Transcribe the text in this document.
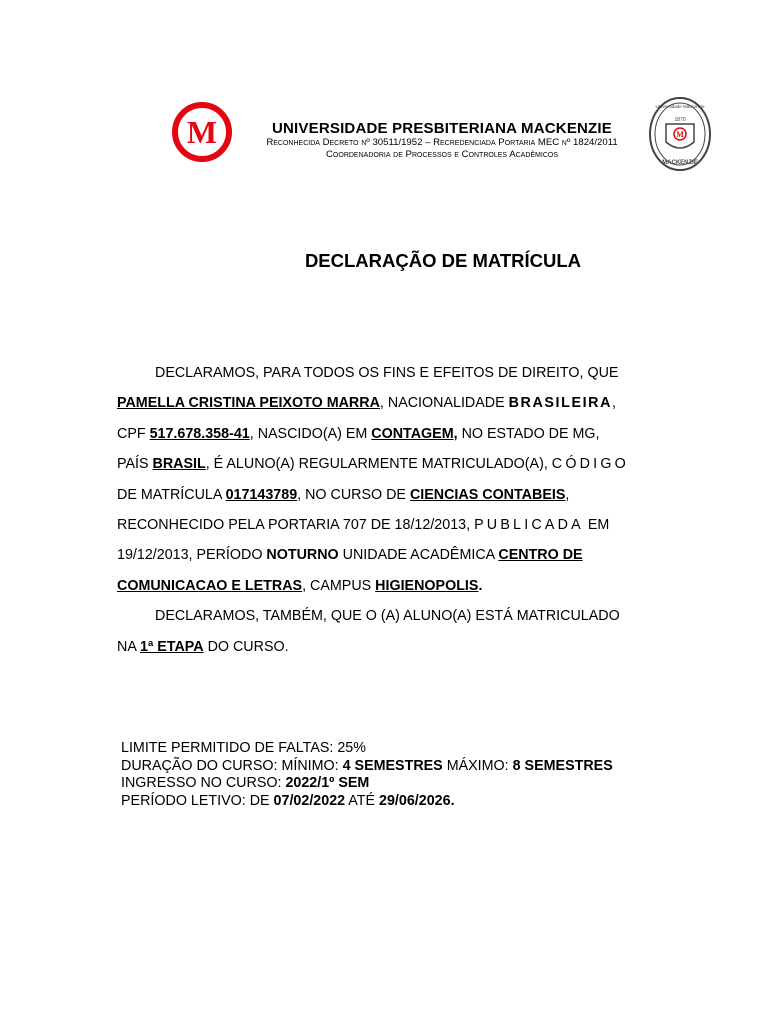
M	UNIVERSIDADE PRESBITERIANA MACKENZIE
Reconhecida Decreto nº 30511/1952 – Recredenciada Portaria MEC nº 1824/2011
Coordenadoria de Processos e Controles Acadêmicos
M
1870
Universidade Mackenzie
MACKENZIE
DECLARAÇÃO DE MATRÍCULA
DECLARAMOS, PARA TODOS OS FINS E EFEITOS DE DIREITO, QUE
PAMELLA CRISTINA PEIXOTO MARRA, NACIONALIDADE BRASILEIRA,
CPF 517.678.358-41, NASCIDO(A) EM CONTAGEM, NO ESTADO DE MG,
PAÍS BRASIL, É ALUNO(A) REGULARMENTE MATRICULADO(A), CÓDIGO
DE MATRÍCULA 017143789, NO CURSO DE CIENCIAS CONTABEIS,
RECONHECIDO PELA PORTARIA 707 DE 18/12/2013, PUBLICADA EM
19/12/2013, PERÍODO NOTURNO UNIDADE ACADÊMICA CENTRO DE
COMUNICACAO E LETRAS, CAMPUS HIGIENOPOLIS.
DECLARAMOS, TAMBÉM, QUE O (A) ALUNO(A) ESTÁ MATRICULADO
NA 1ª ETAPA DO CURSO.
LIMITE PERMITIDO DE FALTAS: 25%
DURAÇÃO DO CURSO: MÍNIMO: 4 SEMESTRES MÁXIMO: 8 SEMESTRES
INGRESSO NO CURSO: 2022/1º SEM
PERÍODO LETIVO: DE 07/02/2022 ATÉ 29/06/2026.
